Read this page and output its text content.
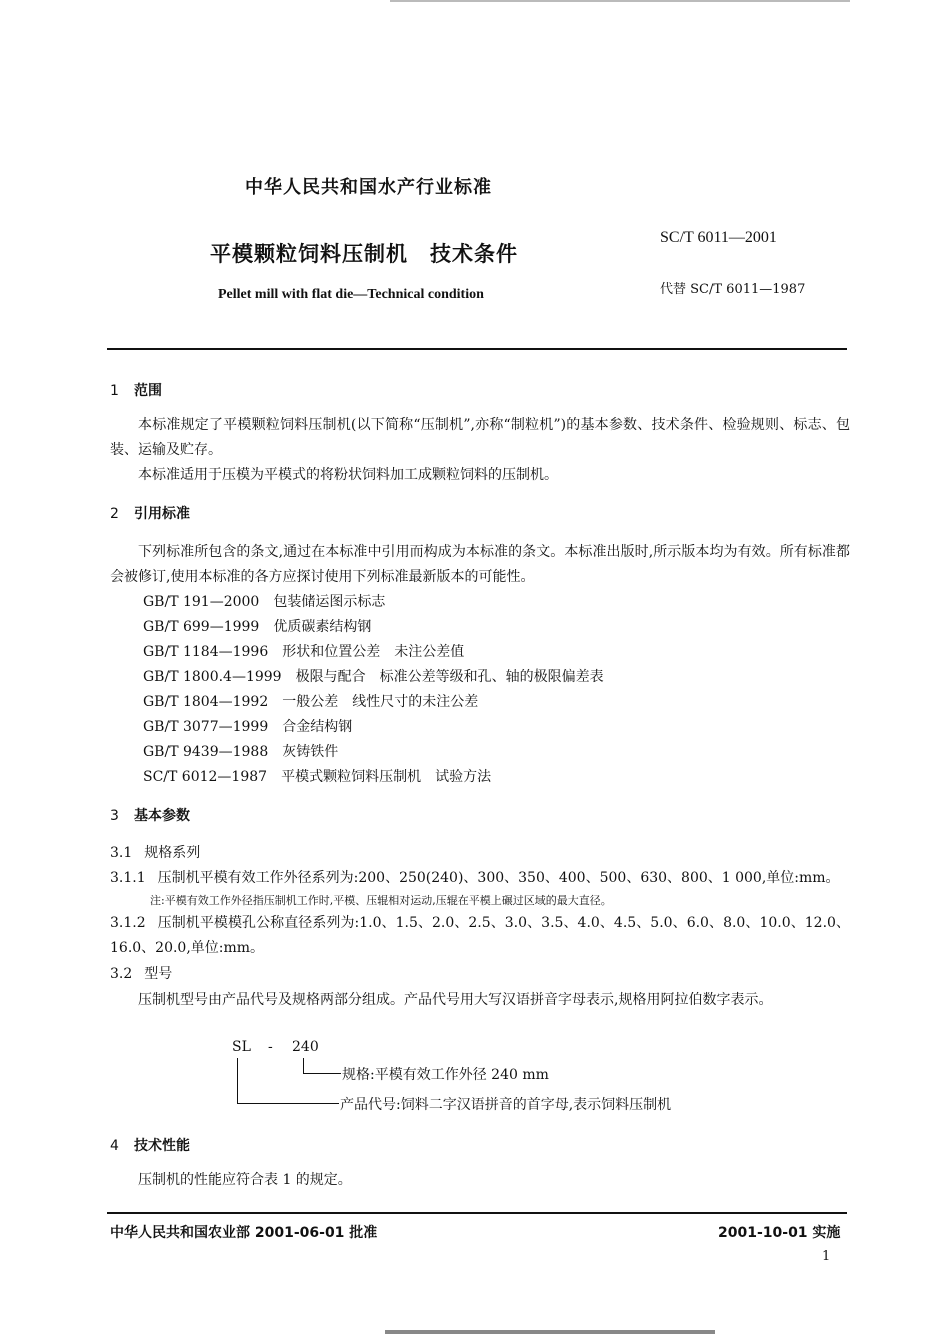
中华人民共和国水产行业标准
平模颗粒饲料压制机　技术条件
Pellet mill with flat die—Technical condition
SC/T 6011—2001
代替 SC/T 6011—1987
1 范围

本标准规定了平模颗粒饲料压制机(以下简称“压制机”,亦称“制粒机”)的基本参数、技术条件、检验规则、标志、包装、运输及贮存。

本标准适用于压模为平模式的将粉状饲料加工成颗粒饲料的压制机。

2 引用标准

下列标准所包含的条文,通过在本标准中引用而构成为本标准的条文。本标准出版时,所示版本均为有效。所有标准都会被修订,使用本标准的各方应探讨使用下列标准最新版本的可能性。

GB/T 191—2000 包装储运图示标志
GB/T 699—1999 优质碳素结构钢
GB/T 1184—1996 形状和位置公差　未注公差值
GB/T 1800.4—1999 极限与配合　标准公差等级和孔、轴的极限偏差表
GB/T 1804—1992 一般公差　线性尺寸的未注公差
GB/T 3077—1999 合金结构钢
GB/T 9439—1988 灰铸铁件
SC/T 6012—1987 平模式颗粒饲料压制机　试验方法
3 基本参数
3.1 规格系列
3.1.1 压制机平模有效工作外径系列为:200、250(240)、300、350、400、500、630、800、1 000,单位:mm。
注:平模有效工作外径指压制机工作时,平模、压辊相对运动,压辊在平模上碾过区域的最大直径。

3.1.2 压制机平模模孔公称直径系列为:1.0、1.5、2.0、2.5、3.0、3.5、4.0、4.5、5.0、6.0、8.0、10.0、12.0、16.0、20.0,单位:mm。

3.2 型号

压制机型号由产品代号及规格两部分组成。产品代号用大写汉语拼音字母表示,规格用阿拉伯数字表示。

SL - 240
规格:平模有效工作外径 240 mm
产品代号:饲料二字汉语拼音的首字母,表示饲料压制机
4 技术性能

压制机的性能应符合表 1 的规定。

中华人民共和国农业部 2001-06-01 批准	2001-10-01 实施
1
